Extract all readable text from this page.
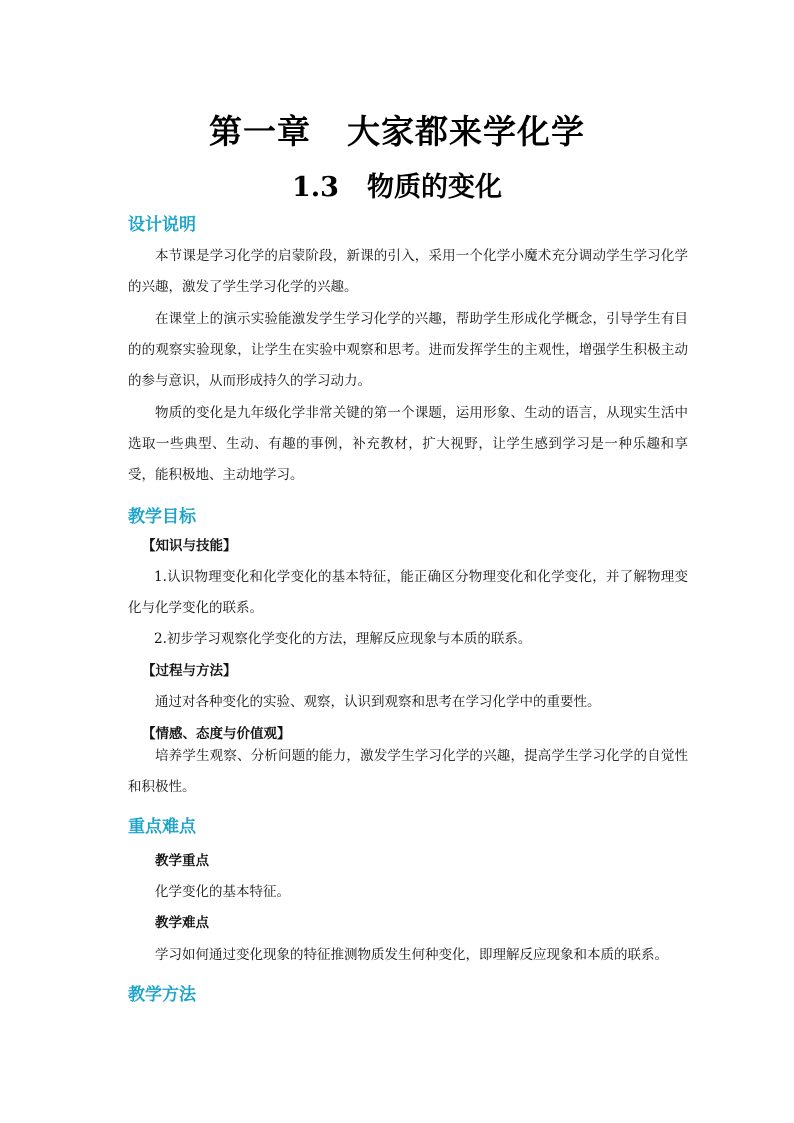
第一章 大家都来学化学
1.3 物质的变化
设计说明

本节课是学习化学的启蒙阶段，新课的引入，采用一个化学小魔术充分调动学生学习化学的兴趣，激发了学生学习化学的兴趣。

在课堂上的演示实验能激发学生学习化学的兴趣，帮助学生形成化学概念，引导学生有目的的观察实验现象，让学生在实验中观察和思考。进而发挥学生的主观性，增强学生积极主动的参与意识，从而形成持久的学习动力。

物质的变化是九年级化学非常关键的第一个课题，运用形象、生动的语言，从现实生活中选取一些典型、生动、有趣的事例，补充教材，扩大视野，让学生感到学习是一种乐趣和享受，能积极地、主动地学习。

教学目标
【知识与技能】

1.认识物理变化和化学变化的基本特征，能正确区分物理变化和化学变化，并了解物理变化与化学变化的联系。

2.初步学习观察化学变化的方法，理解反应现象与本质的联系。

【过程与方法】
通过对各种变化的实验、观察，认识到观察和思考在学习化学中的重要性。
【情感、态度与价值观】

培养学生观察、分析问题的能力，激发学生学习化学的兴趣，提高学生学习化学的自觉性和积极性。

重点难点
教学重点
化学变化的基本特征。
教学难点
学习如何通过变化现象的特征推测物质发生何种变化，即理解反应现象和本质的联系。
教学方法
